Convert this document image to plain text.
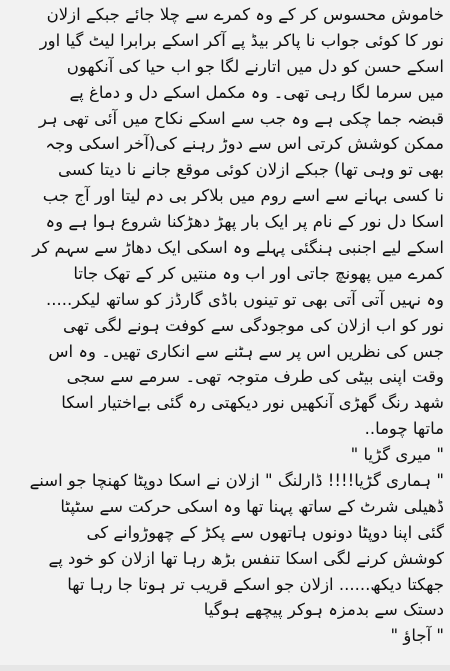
خاموش محسوس کر کے وہ کمرے سے چلا جائے جبکے ازلان
نور کا کوئی جواب نا پاکر بیڈ پے آکر اسکے برابرا لیٹ گیا اور
اسکے حسن کو دل میں اتارنے لگا جو اب حیا کی آنکھوں
میں سرما لگا رہی تھی۔ وہ مکمل اسکے دل و دماغ پے
قبضہ جما چکی ہے وہ جب سے اسکے نکاح میں آئی تھی ہر
ممکن کوشش کرتی اس سے دوڑ رہنے کی(آخر اسکی وجہ
بھی تو وہی تھا) جبکے ازلان کوئی موقع جانے نا دیتا کسی
نا کسی بہانے سے اسے روم میں بلاکر بی دم لیتا اور آج جب
اسکا دل نور کے نام پر ایک بار پھڑ دھڑکنا شروع ہوا ہے وہ
اسکے لیے اجنبی ہنگئی پہلے وہ اسکی ایک دھاڑ سے سہم کر
کمرے میں پھونچ جاتی اور اب وہ منتیں کر کے تھک جاتا
وہ نہیں آتی آتی بھی تو تینوں باڈی گارڈز کو ساتھ لیکر.....
نور کو اب ازلان کی موجودگی سے کوفت ہونے لگی تھی
جس کی نظریں اس پر سے ہٹنے سے انکاری تھیں۔ وہ اس
وقت اپنی بیٹی کی طرف متوجہ تھی۔ سرمے سے سجی
شھد رنگ گھڑی آنکھیں نور دیکھتی رہ گئی بےاختیار اسکا
ماتھا چوما..
" میری گڑیا "
" ہماری گڑیا!!!! ڈارلنگ " ازلان نے اسکا دوپٹا کھنچا جو اسنے
ڈھیلی شرٹ کے ساتھ پہنا تھا وہ اسکی حرکت سے سٹپٹا
گئی اپنا دوپٹا دونوں ہاتھوں سے پکڑ کے چھوڑوانے کی
کوشش کرنے لگی اسکا تنفس بڑھ رہا تھا ازلان کو خود پے
جھکتا دیکھ...... ازلان جو اسکے قریب تر ہوتا جا رہا تھا
دستک سے بدمزہ ہوکر پیچھے ہوگیا
" آجاؤ "
